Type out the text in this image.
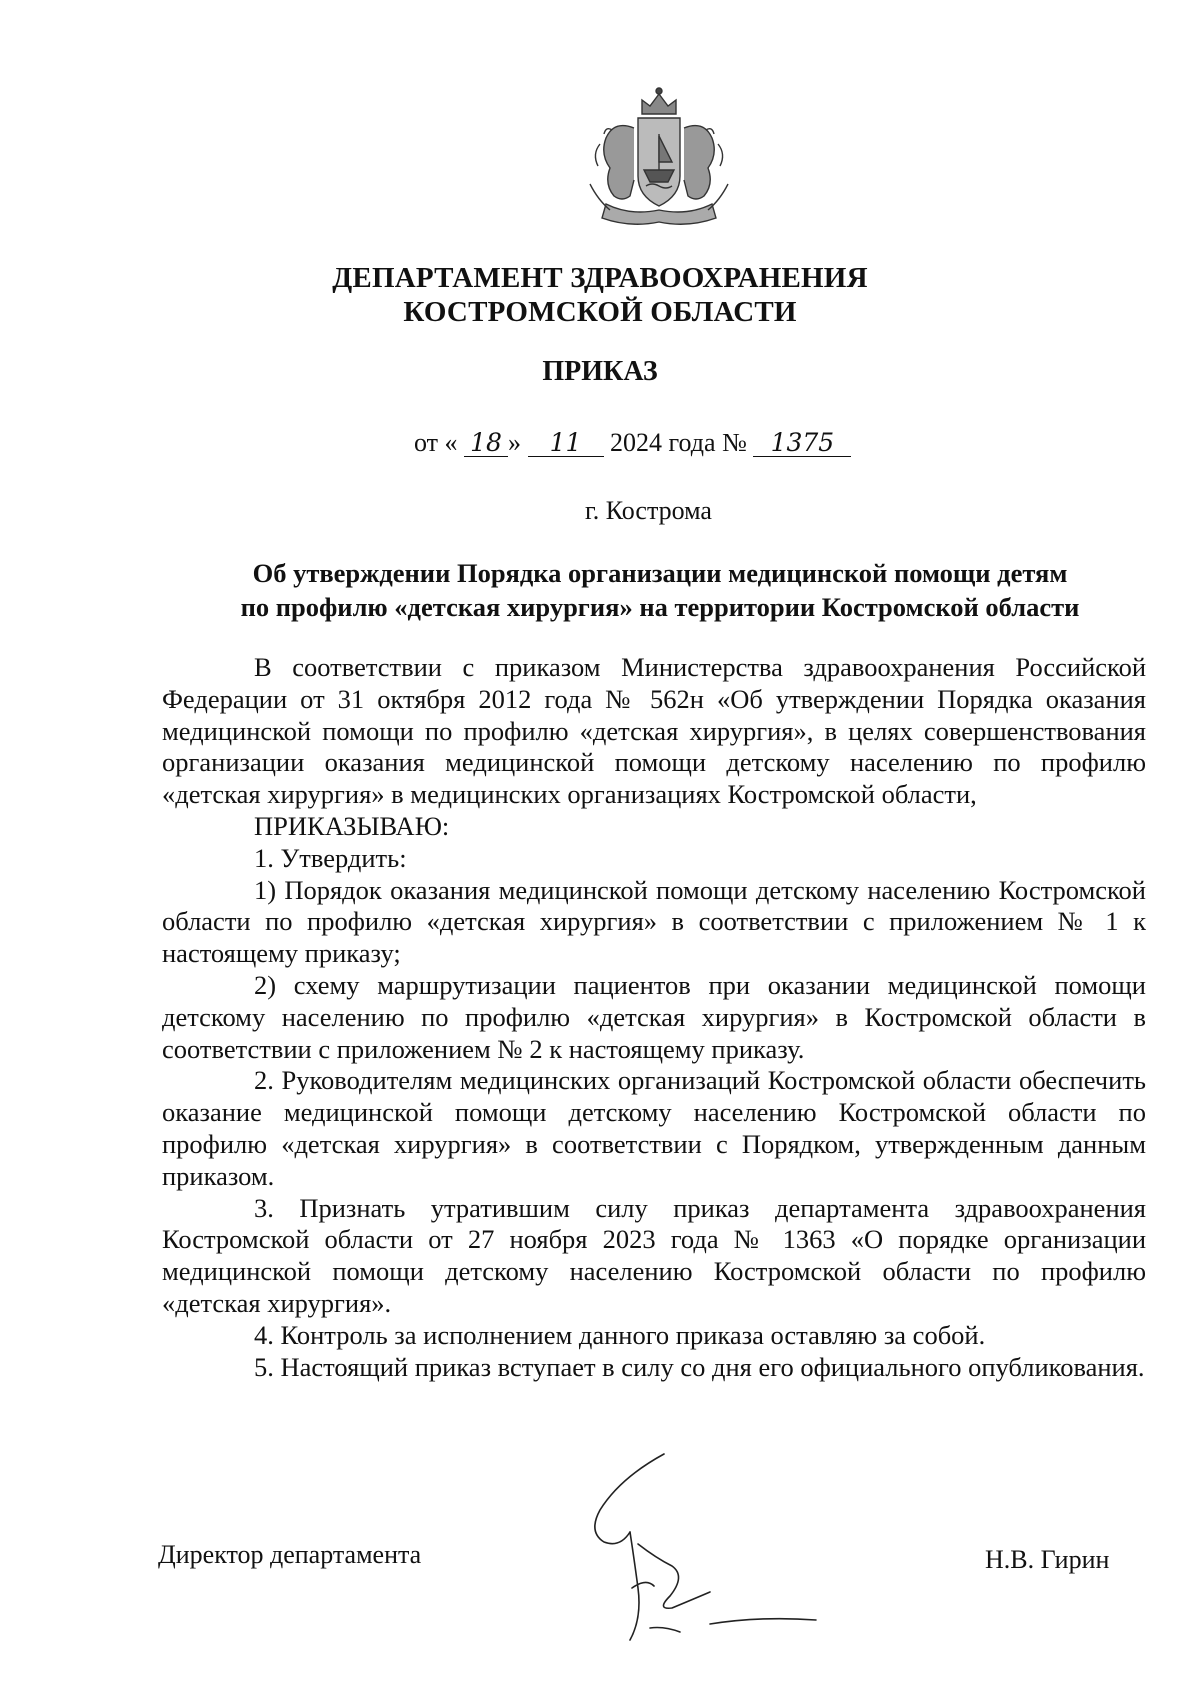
ДЕПАРТАМЕНТ ЗДРАВООХРАНЕНИЯ
КОСТРОМСКОЙ ОБЛАСТИ
ПРИКАЗ
от « 18 » 11 2024 года № 1375
г. Кострома
Об утверждении Порядка организации медицинской помощи детям
по профилю «детская хирургия» на территории Костромской области

В соответствии с приказом Министерства здравоохранения Российской Федерации от 31 октября 2012 года № 562н «Об утверждении Порядка оказания медицинской помощи по профилю «детская хирургия», в целях совершенствования организации оказания медицинской помощи детскому населению по профилю «детская хирургия» в медицинских организациях Костромской области,

ПРИКАЗЫВАЮ:

1. Утвердить:

1) Порядок оказания медицинской помощи детскому населению Костромской области по профилю «детская хирургия» в соответствии с приложением № 1 к настоящему приказу;

2) схему маршрутизации пациентов при оказании медицинской помощи детскому населению по профилю «детская хирургия» в Костромской области в соответствии с приложением № 2 к настоящему приказу.

2. Руководителям медицинских организаций Костромской области обеспечить оказание медицинской помощи детскому населению Костромской области по профилю «детская хирургия» в соответствии с Порядком, утвержденным данным приказом.

3. Признать утратившим силу приказ департамента здравоохранения Костромской области от 27 ноября 2023 года № 1363 «О порядке организации медицинской помощи детскому населению Костромской области по профилю «детская хирургия».

4. Контроль за исполнением данного приказа оставляю за собой.

5. Настоящий приказ вступает в силу со дня его официального опубликования.

Директор департамента	Н.В. Гирин
